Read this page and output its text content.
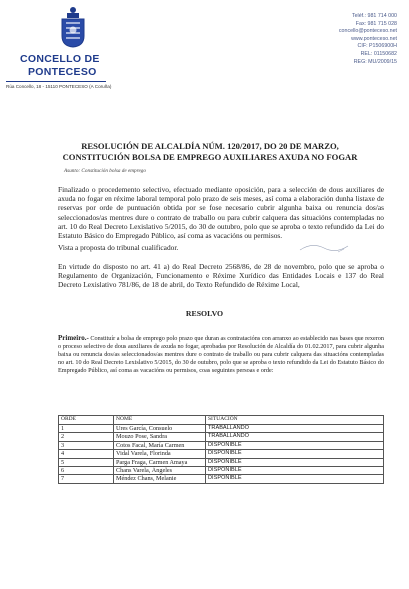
CONCELLO DE
PONTECESO
Rúa Concello, 18 - 15110 PONTECESO (A Coruña)
Teléf.: 981 714 000
Fax: 981 715 028
concello@ponteceso.net
www.ponteceso.net
CIF: P1506900H
REL: 01150682
REG: MU/2009/15
RESOLUCIÓN DE ALCALDÍA NÚM. 120/2017, DO 20 DE MARZO,
CONSTITUCIÓN BOLSA DE EMPREGO AUXILIARES AXUDA NO FOGAR
Asunto: Constitución bolsa de emprego
Finalizado o procedemento selectivo, efectuado mediante oposición, para a selección de dous auxiliares de axuda no fogar en réxime laboral temporal polo prazo de seis meses, así coma a elaboración dunha listaxe de reservas por orde de puntuación obtida por se fose necesario cubrir algunha baixa ou renuncia dos/as seleccionados/as mentres dure o contrato de traballo ou para cubrir calquera das situacións contempladas no art. 10 do Real Decreto Lexislativo 5/2015, do 30 de outubro, polo que se aproba o texto refundido da Lei do Estatuto Básico do Empregado Público, así coma as vacacións ou permisos.
Vista a proposta do tribunal cualificador.
En virtude do disposto no art. 41 a) do Real Decreto 2568/86, de 28 de novembro, polo que se aproba o Regulamento de Organización, Funcionamento e Réxime Xurídico das Entidades Locais e 137 do Real Decreto Lexislativo 781/86, de 18 de abril, do Texto Refundido de Réxime Local,
RESOLVO
Primeiro.- Constituír a bolsa de emprego polo prazo que duran as contratacións con arranxo ao establecido nas bases que rexeron o proceso selectivo de dous auxiliares de axuda no fogar, aprobadas por Resolución de Alcaldía do 01.02.2017, para cubrir algunha baixa ou renuncia dos/as seleccionados/as mentres dure o contrato de traballo ou para cubrir calquera das situacións contempladas no art. 10 do Real Decreto Lexislativo 5/2015, do 30 de outubro, polo que se aproba o texto refundido da Lei do Estatuto Básico do Empregado Público, así coma as vacacións ou permisos, coas seguintes persoas e orde:
ORDE	NOME	SITUACIÓN
1	Ures García, Consuelo	TRABALLANDO
2	Mouzo Pose, Sandra	TRABALLANDO
3	Cotos Facal, María Carmen	DISPOÑIBLE
4	Vidal Varela, Florinda	DISPOÑIBLE
5	Parga Fraga, Carmen Amaya	DISPOÑIBLE
6	Chans Varela, Ángeles	DISPOÑIBLE
7	Méndez Chans, Melanie	DISPOÑIBLE
